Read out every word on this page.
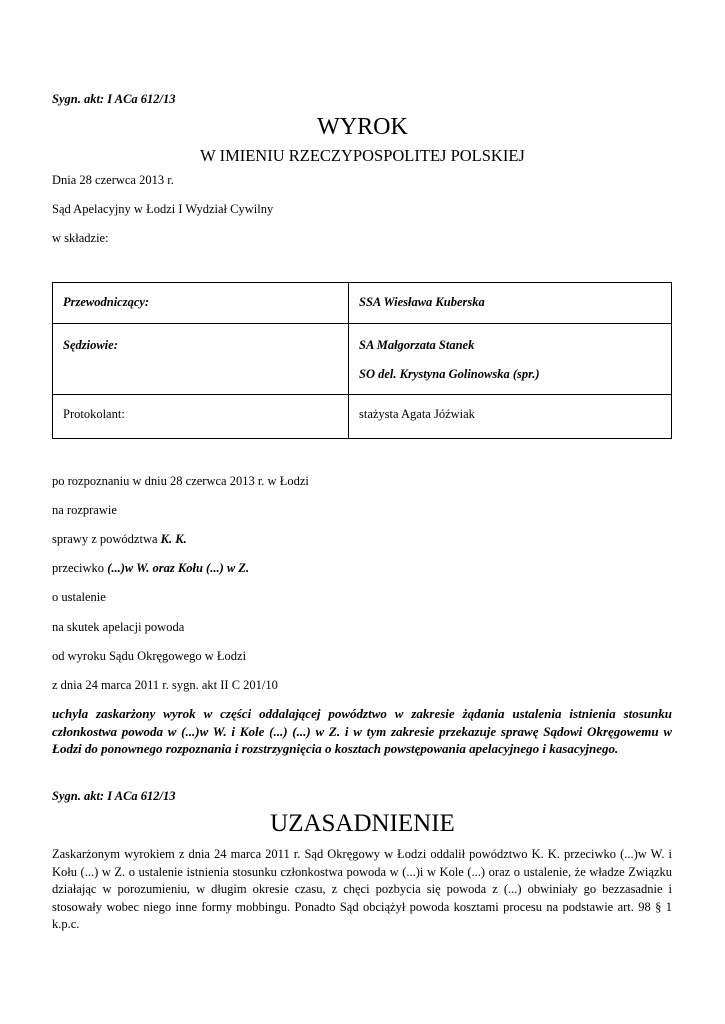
Sygn. akt: I ACa 612/13
WYROK
W IMIENIU RZECZYPOSPOLITEJ POLSKIEJ
Dnia 28 czerwca 2013 r.
Sąd Apelacyjny w Łodzi I Wydział Cywilny
w składzie:
Przewodniczący:	SSA Wiesława Kuberska
Sędziowie:	SA Małgorzata Stanek
SO del. Krystyna Golinowska (spr.)

Protokolant:	stażysta Agata Jóźwiak
po rozpoznaniu w dniu 28 czerwca 2013 r. w Łodzi
na rozprawie
sprawy z powództwa K. K.
przeciwko (...)w W. oraz Kołu (...) w Z.
o ustalenie
na skutek apelacji powoda
od wyroku Sądu Okręgowego w Łodzi
z dnia 24 marca 2011 r. sygn. akt II C 201/10
uchyla zaskarżony wyrok w części oddalającej powództwo w zakresie żądania ustalenia istnienia stosunku członkostwa powoda w (...)w W. i Kole (...) (...) w Z. i w tym zakresie przekazuje sprawę Sądowi Okręgowemu w Łodzi do ponownego rozpoznania i rozstrzygnięcia o kosztach powstępowania apelacyjnego i kasacyjnego.
Sygn. akt: I ACa 612/13
UZASADNIENIE
Zaskarżonym wyrokiem z dnia 24 marca 2011 r. Sąd Okręgowy w Łodzi oddalił powództwo K. K. przeciwko (...)w W. i Kołu (...) w Z. o ustalenie istnienia stosunku członkostwa powoda w (...)i w Kole (...) oraz o ustalenie, że władze Związku działając w porozumieniu, w długim okresie czasu, z chęci pozbycia się powoda z (...) obwiniały go bezzasadnie i stosowały wobec niego inne formy mobbingu. Ponadto Sąd obciążył powoda kosztami procesu na podstawie art. 98 § 1 k.p.c.
